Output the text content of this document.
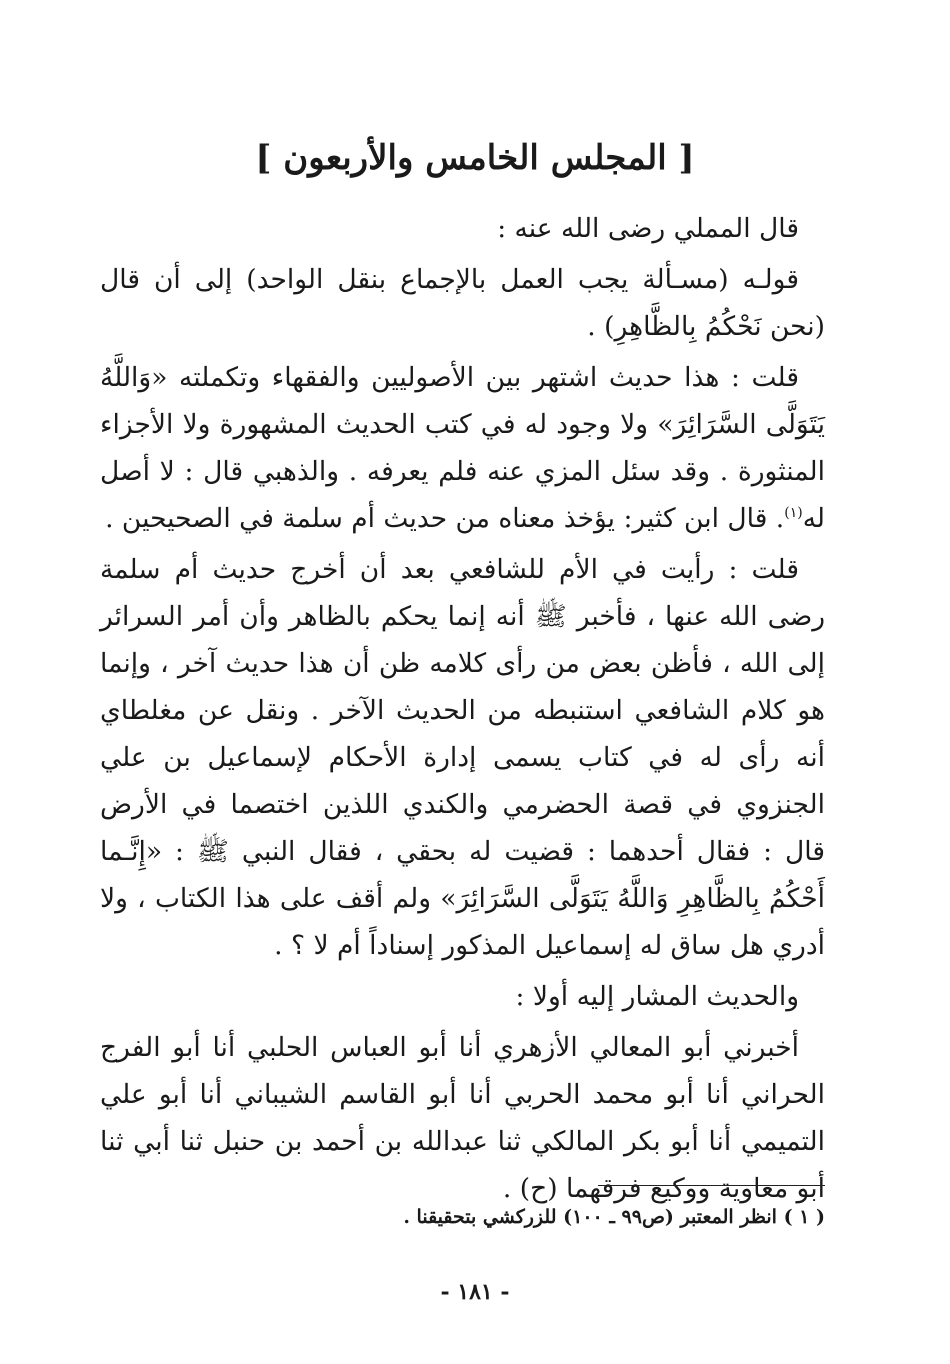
[ المجلس الخامس والأربعون ]

قال المملي رضى الله عنه :

قولـه (مسـألة يجب العمل بالإجماع بنقل الواحد) إلى أن قال (نحن نَحْكُمُ بِالظَّاهِرِ) .

قلت : هذا حديث اشتهر بين الأصوليين والفقهاء وتكملته «وَاللَّهُ يَتَوَلَّى السَّرَائِرَ» ولا وجود له في كتب الحديث المشهورة ولا الأجزاء المنثورة . وقد سئل المزي عنه فلم يعرفه . والذهبي قال : لا أصل له$^{(١)}$. قال ابن كثير: يؤخذ معناه من حديث أم سلمة في الصحيحين .

قلت : رأيت في الأم للشافعي بعد أن أخرج حديث أم سلمة رضى الله عنها ، فأخبر ﷺ أنه إنما يحكم بالظاهر وأن أمر السرائر إلى الله ، فأظن بعض من رأى كلامه ظن أن هذا حديث آخر ، وإنما هو كلام الشافعي استنبطه من الحديث الآخر . ونقل عن مغلطاي أنه رأى له في كتاب يسمى إدارة الأحكام لإسماعيل بن علي الجنزوي في قصة الحضرمي والكندي اللذين اختصما في الأرض قال : فقال أحدهما : قضيت له بحقي ، فقال النبي ﷺ : «إِنَّـما أَحْكُمُ بِالظَّاهِرِ وَاللَّهُ يَتَوَلَّى السَّرَائِرَ» ولم أقف على هذا الكتاب ، ولا أدري هل ساق له إسماعيل المذكور إسناداً أم لا ؟ .

والحديث المشار إليه أولا :

أخبرني أبو المعالي الأزهري أنا أبو العباس الحلبي أنا أبو الفرج الحراني أنا أبو محمد الحربي أنا أبو القاسم الشيباني أنا أبو علي التميمي أنا أبو بكر المالكي ثنا عبدالله بن أحمد بن حنبل ثنا أبي ثنا أبو معاوية ووكيع فرقهما (ح) .

( ١ ) انظر المعتبر (ص٩٩ ـ ١٠٠) للزركشي بتحقيقنا .
- ١٨١ -
